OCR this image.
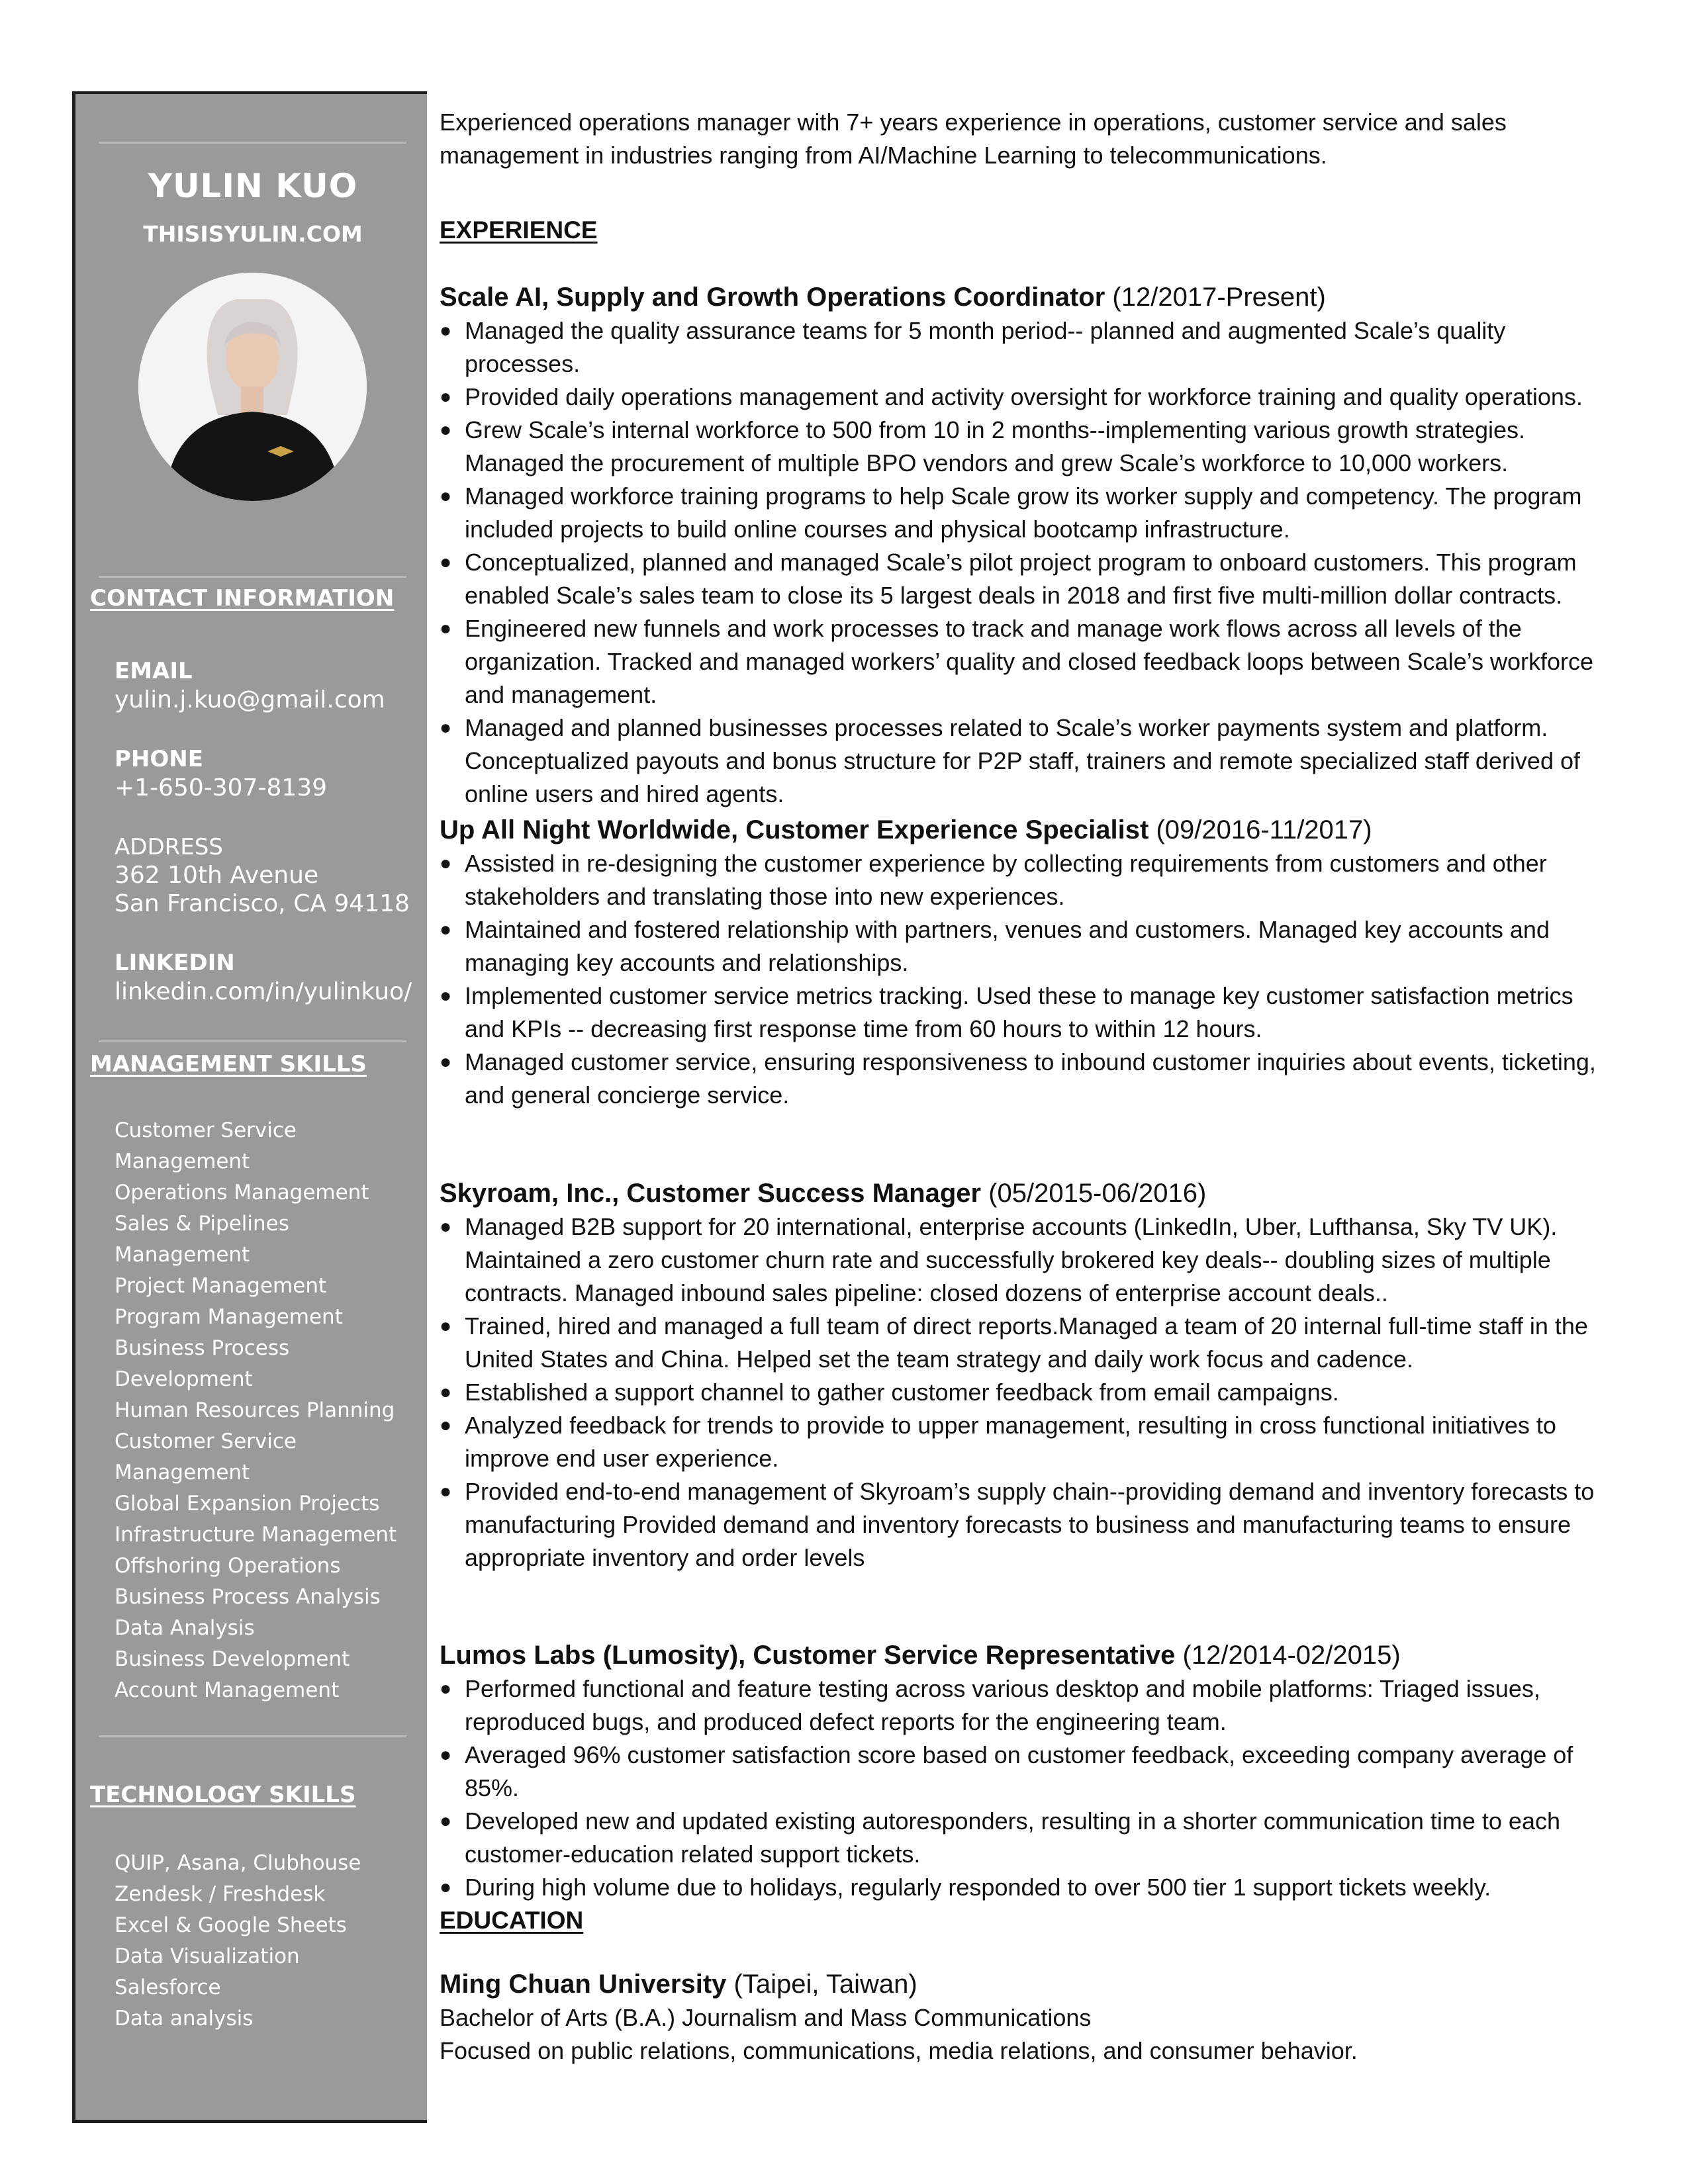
YULIN KUO
THISISYULIN.COM
CONTACT INFORMATION
EMAIL
yulin.j.kuo@gmail.com
PHONE
+1-650-307-8139
ADDRESS
362 10th Avenue
San Francisco, CA 94118
LINKEDIN
linkedin.com/in/yulinkuo/
MANAGEMENT SKILLS
Customer Service
Management
Operations Management
Sales & Pipelines
Management
Project Management
Program Management
Business Process
Development
Human Resources Planning
Customer Service
Management
Global Expansion Projects
Infrastructure Management
Offshoring Operations
Business Process Analysis
Data Analysis
Business Development
Account Management
TECHNOLOGY SKILLS
QUIP, Asana, Clubhouse
Zendesk / Freshdesk
Excel & Google Sheets
Data Visualization
Salesforce
Data analysis
Experienced operations manager with 7+ years experience in operations, customer service and sales management in industries ranging from AI/Machine Learning to telecommunications.
EXPERIENCE
Scale AI, Supply and Growth Operations Coordinator (12/2017-Present)
● Managed the quality assurance teams for 5 month period-- planned and augmented Scale’s quality processes.
● Provided daily operations management and activity oversight for workforce training and quality operations.
● Grew Scale’s internal workforce to 500 from 10 in 2 months--implementing various growth strategies. Managed the procurement of multiple BPO vendors and grew Scale’s workforce to 10,000 workers.
● Managed workforce training programs to help Scale grow its worker supply and competency. The program included projects to build online courses and physical bootcamp infrastructure.
● Conceptualized, planned and managed Scale’s pilot project program to onboard customers. This program enabled Scale’s sales team to close its 5 largest deals in 2018 and first five multi-million dollar contracts.
● Engineered new funnels and work processes to track and manage work flows across all levels of the organization. Tracked and managed workers’ quality and closed feedback loops between Scale’s workforce and management.
● Managed and planned businesses processes related to Scale’s worker payments system and platform. Conceptualized payouts and bonus structure for P2P staff, trainers and remote specialized staff derived of online users and hired agents.
Up All Night Worldwide, Customer Experience Specialist (09/2016-11/2017)
● Assisted in re-designing the customer experience by collecting requirements from customers and other stakeholders and translating those into new experiences.
● Maintained and fostered relationship with partners, venues and customers. Managed key accounts and managing key accounts and relationships.
● Implemented customer service metrics tracking. Used these to manage key customer satisfaction metrics and KPIs -- decreasing first response time from 60 hours to within 12 hours.
● Managed customer service, ensuring responsiveness to inbound customer inquiries about events, ticketing, and general concierge service.
Skyroam, Inc., Customer Success Manager (05/2015-06/2016)
● Managed B2B support for 20 international, enterprise accounts (LinkedIn, Uber, Lufthansa, Sky TV UK). Maintained a zero customer churn rate and successfully brokered key deals-- doubling sizes of multiple contracts. Managed inbound sales pipeline: closed dozens of enterprise account deals..
● Trained, hired and managed a full team of direct reports.Managed a team of 20 internal full-time staff in the United States and China. Helped set the team strategy and daily work focus and cadence.
● Established a support channel to gather customer feedback from email campaigns.
● Analyzed feedback for trends to provide to upper management, resulting in cross functional initiatives to improve end user experience.
● Provided end-to-end management of Skyroam’s supply chain--providing demand and inventory forecasts to manufacturing Provided demand and inventory forecasts to business and manufacturing teams to ensure appropriate inventory and order levels
Lumos Labs (Lumosity), Customer Service Representative (12/2014-02/2015)
● Performed functional and feature testing across various desktop and mobile platforms: Triaged issues, reproduced bugs, and produced defect reports for the engineering team.
● Averaged 96% customer satisfaction score based on customer feedback, exceeding company average of 85%.
● Developed new and updated existing autoresponders, resulting in a shorter communication time to each customer-education related support tickets.
● During high volume due to holidays, regularly responded to over 500 tier 1 support tickets weekly.
EDUCATION
Ming Chuan University (Taipei, Taiwan)
Bachelor of Arts (B.A.) Journalism and Mass Communications
Focused on public relations, communications, media relations, and consumer behavior.
